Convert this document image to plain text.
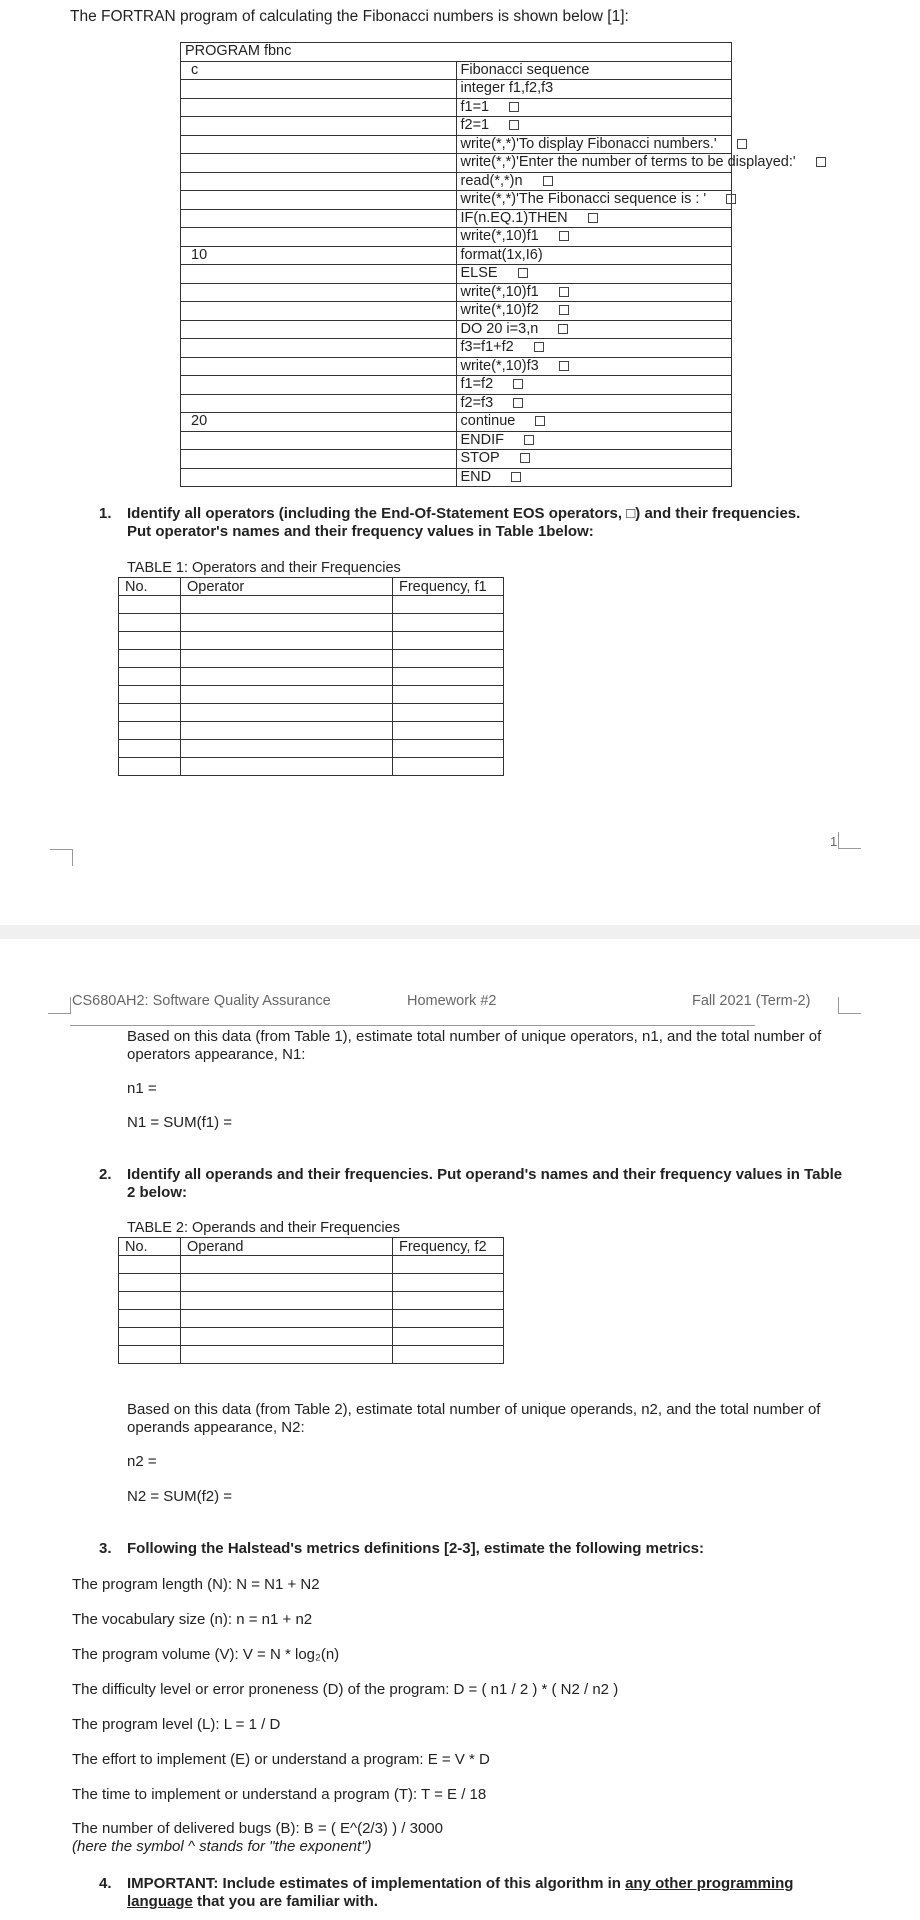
The FORTRAN program of calculating the Fibonacci numbers is shown below [1]:
PROGRAM fbnc	
c	Fibonacci sequence
	integer f1,f2,f3
	f1=1
	f2=1
	write(*,*)'To display Fibonacci numbers.'
	write(*,*)'Enter the number of terms to be displayed:'
	read(*,*)n
	write(*,*)'The Fibonacci sequence is : '
	IF(n.EQ.1)THEN
	write(*,10)f1
10	format(1x,I6)
	ELSE
	write(*,10)f1
	write(*,10)f2
	DO 20 i=3,n
	f3=f1+f2
	write(*,10)f3
	f1=f2
	f2=f3
20	continue
	ENDIF
	STOP
	END
1. Identify all operators (including the End-Of-Statement EOS operators, □) and their frequencies. Put operator's names and their frequency values in Table 1below:
TABLE 1: Operators and their Frequencies
No.	Operator	Frequency, f1

1
CS680AH2: Software Quality Assurance	Homework #2	Fall 2021 (Term-2)
Based on this data (from Table 1), estimate total number of unique operators, n1, and the total number of operators appearance, N1:
n1 =
N1 = SUM(f1) =
2. Identify all operands and their frequencies. Put operand's names and their frequency values in Table 2 below:
TABLE 2: Operands and their Frequencies
No.	Operand	Frequency, f2

Based on this data (from Table 2), estimate total number of unique operands, n2, and the total number of operands appearance, N2:
n2 =
N2 = SUM(f2) =
3. Following the Halstead's metrics definitions [2-3], estimate the following metrics:
The program length (N): N = N1 + N2
The vocabulary size (n): n = n1 + n2
The program volume (V): V = N * log₂(n)
The difficulty level or error proneness (D) of the program: D = ( n1 / 2 ) * ( N2 / n2 )
The program level (L): L = 1 / D
The effort to implement (E) or understand a program: E = V * D
The time to implement or understand a program (T): T = E / 18
The number of delivered bugs (B): B = ( E^(2/3) ) / 3000
(here the symbol ^ stands for "the exponent")
4. IMPORTANT: Include estimates of implementation of this algorithm in any other programming language that you are familiar with.
